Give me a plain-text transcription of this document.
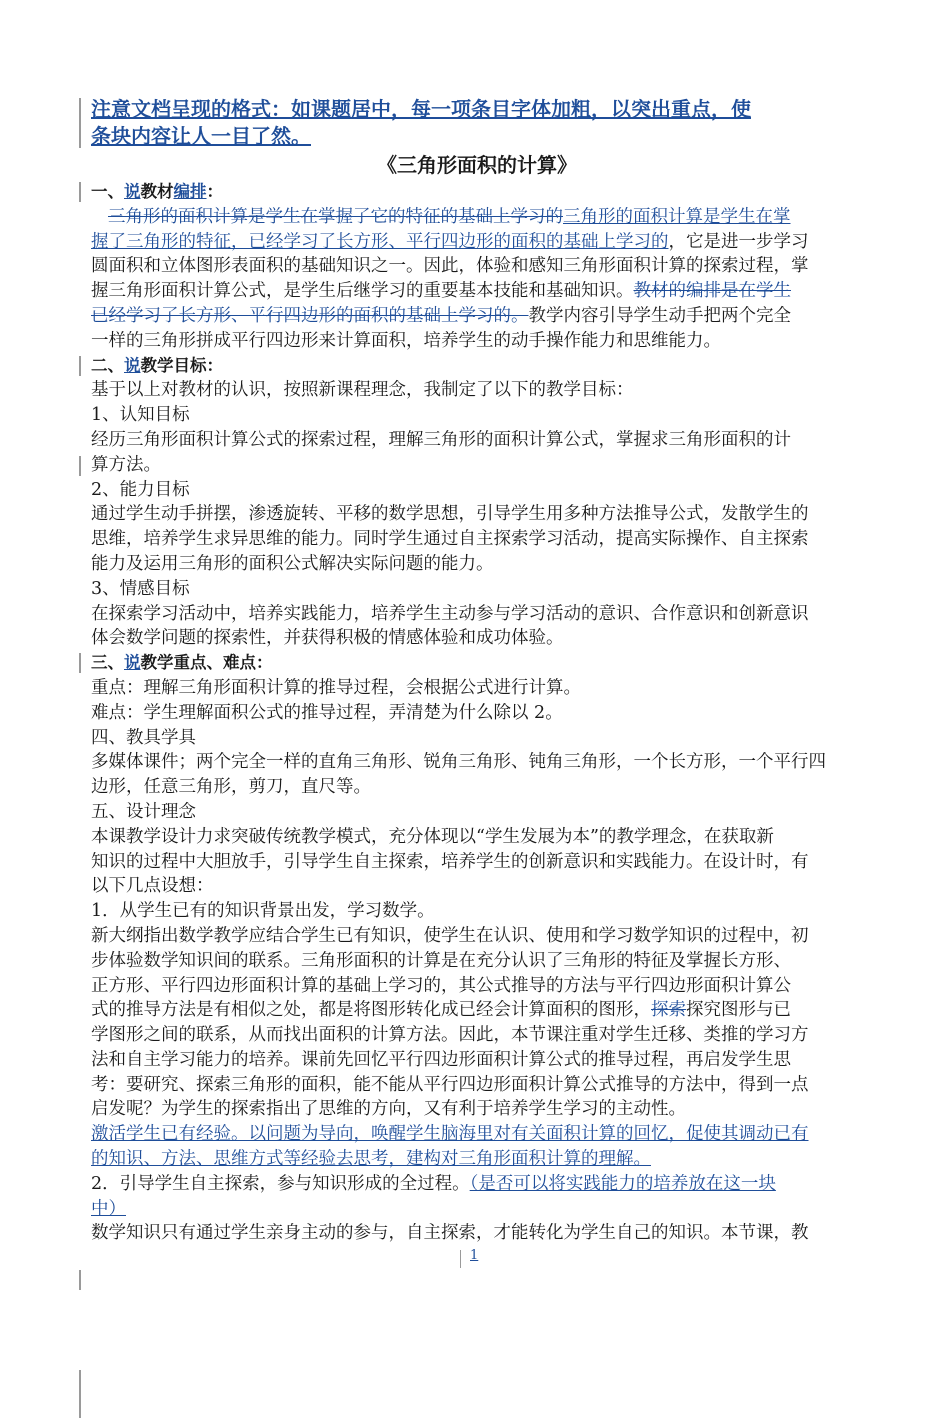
注意文档呈现的格式：如课题居中，每一项条目字体加粗，以突出重点，使
条块内容让人一目了然。
《三角形面积的计算》
一、说教材编排：
三角形的面积计算是学生在掌握了它的特征的基础上学习的三角形的面积计算是学生在掌
握了三角形的特征，已经学习了长方形、平行四边形的面积的基础上学习的，它是进一步学习
圆面积和立体图形表面积的基础知识之一。因此，体验和感知三角形面积计算的探索过程，掌
握三角形面积计算公式，是学生后继学习的重要基本技能和基础知识。教材的编排是在学生
已经学习了长方形、平行四边形的面积的基础上学习的。教学内容引导学生动手把两个完全
一样的三角形拼成平行四边形来计算面积，培养学生的动手操作能力和思维能力。
二、说教学目标：
基于以上对教材的认识，按照新课程理念，我制定了以下的教学目标：
1、认知目标
经历三角形面积计算公式的探索过程，理解三角形的面积计算公式，掌握求三角形面积的计
算方法。
2、能力目标
通过学生动手拼摆，渗透旋转、平移的数学思想，引导学生用多种方法推导公式，发散学生的
思维，培养学生求异思维的能力。同时学生通过自主探索学习活动，提高实际操作、自主探索
能力及运用三角形的面积公式解决实际问题的能力。
3、情感目标
在探索学习活动中，培养实践能力，培养学生主动参与学习活动的意识、合作意识和创新意识
体会数学问题的探索性，并获得积极的情感体验和成功体验。
三、说教学重点、难点：
重点：理解三角形面积计算的推导过程，会根据公式进行计算。
难点：学生理解面积公式的推导过程，弄清楚为什么除以 2。
四、教具学具
多媒体课件；两个完全一样的直角三角形、锐角三角形、钝角三角形，一个长方形，一个平行四
边形，任意三角形，剪刀，直尺等。
五、设计理念
本课教学设计力求突破传统教学模式，充分体现以“学生发展为本”的教学理念，在获取新
知识的过程中大胆放手，引导学生自主探索，培养学生的创新意识和实践能力。在设计时，有
以下几点设想：
1．从学生已有的知识背景出发，学习数学。
新大纲指出数学教学应结合学生已有知识，使学生在认识、使用和学习数学知识的过程中，初
步体验数学知识间的联系。三角形面积的计算是在充分认识了三角形的特征及掌握长方形、
正方形、平行四边形面积计算的基础上学习的，其公式推导的方法与平行四边形面积计算公
式的推导方法是有相似之处，都是将图形转化成已经会计算面积的图形，探索探究图形与已
学图形之间的联系，从而找出面积的计算方法。因此，本节课注重对学生迁移、类推的学习方
法和自主学习能力的培养。课前先回忆平行四边形面积计算公式的推导过程，再启发学生思
考：要研究、探索三角形的面积，能不能从平行四边形面积计算公式推导的方法中，得到一点
启发呢？为学生的探索指出了思维的方向，又有利于培养学生学习的主动性。
激活学生已有经验。以问题为导向，唤醒学生脑海里对有关面积计算的回忆，促使其调动已有
的知识、方法、思维方式等经验去思考，建构对三角形面积计算的理解。
2．引导学生自主探索，参与知识形成的全过程。（是否可以将实践能力的培养放在这一块
中）
数学知识只有通过学生亲身主动的参与，自主探索，才能转化为学生自己的知识。本节课，教
1
